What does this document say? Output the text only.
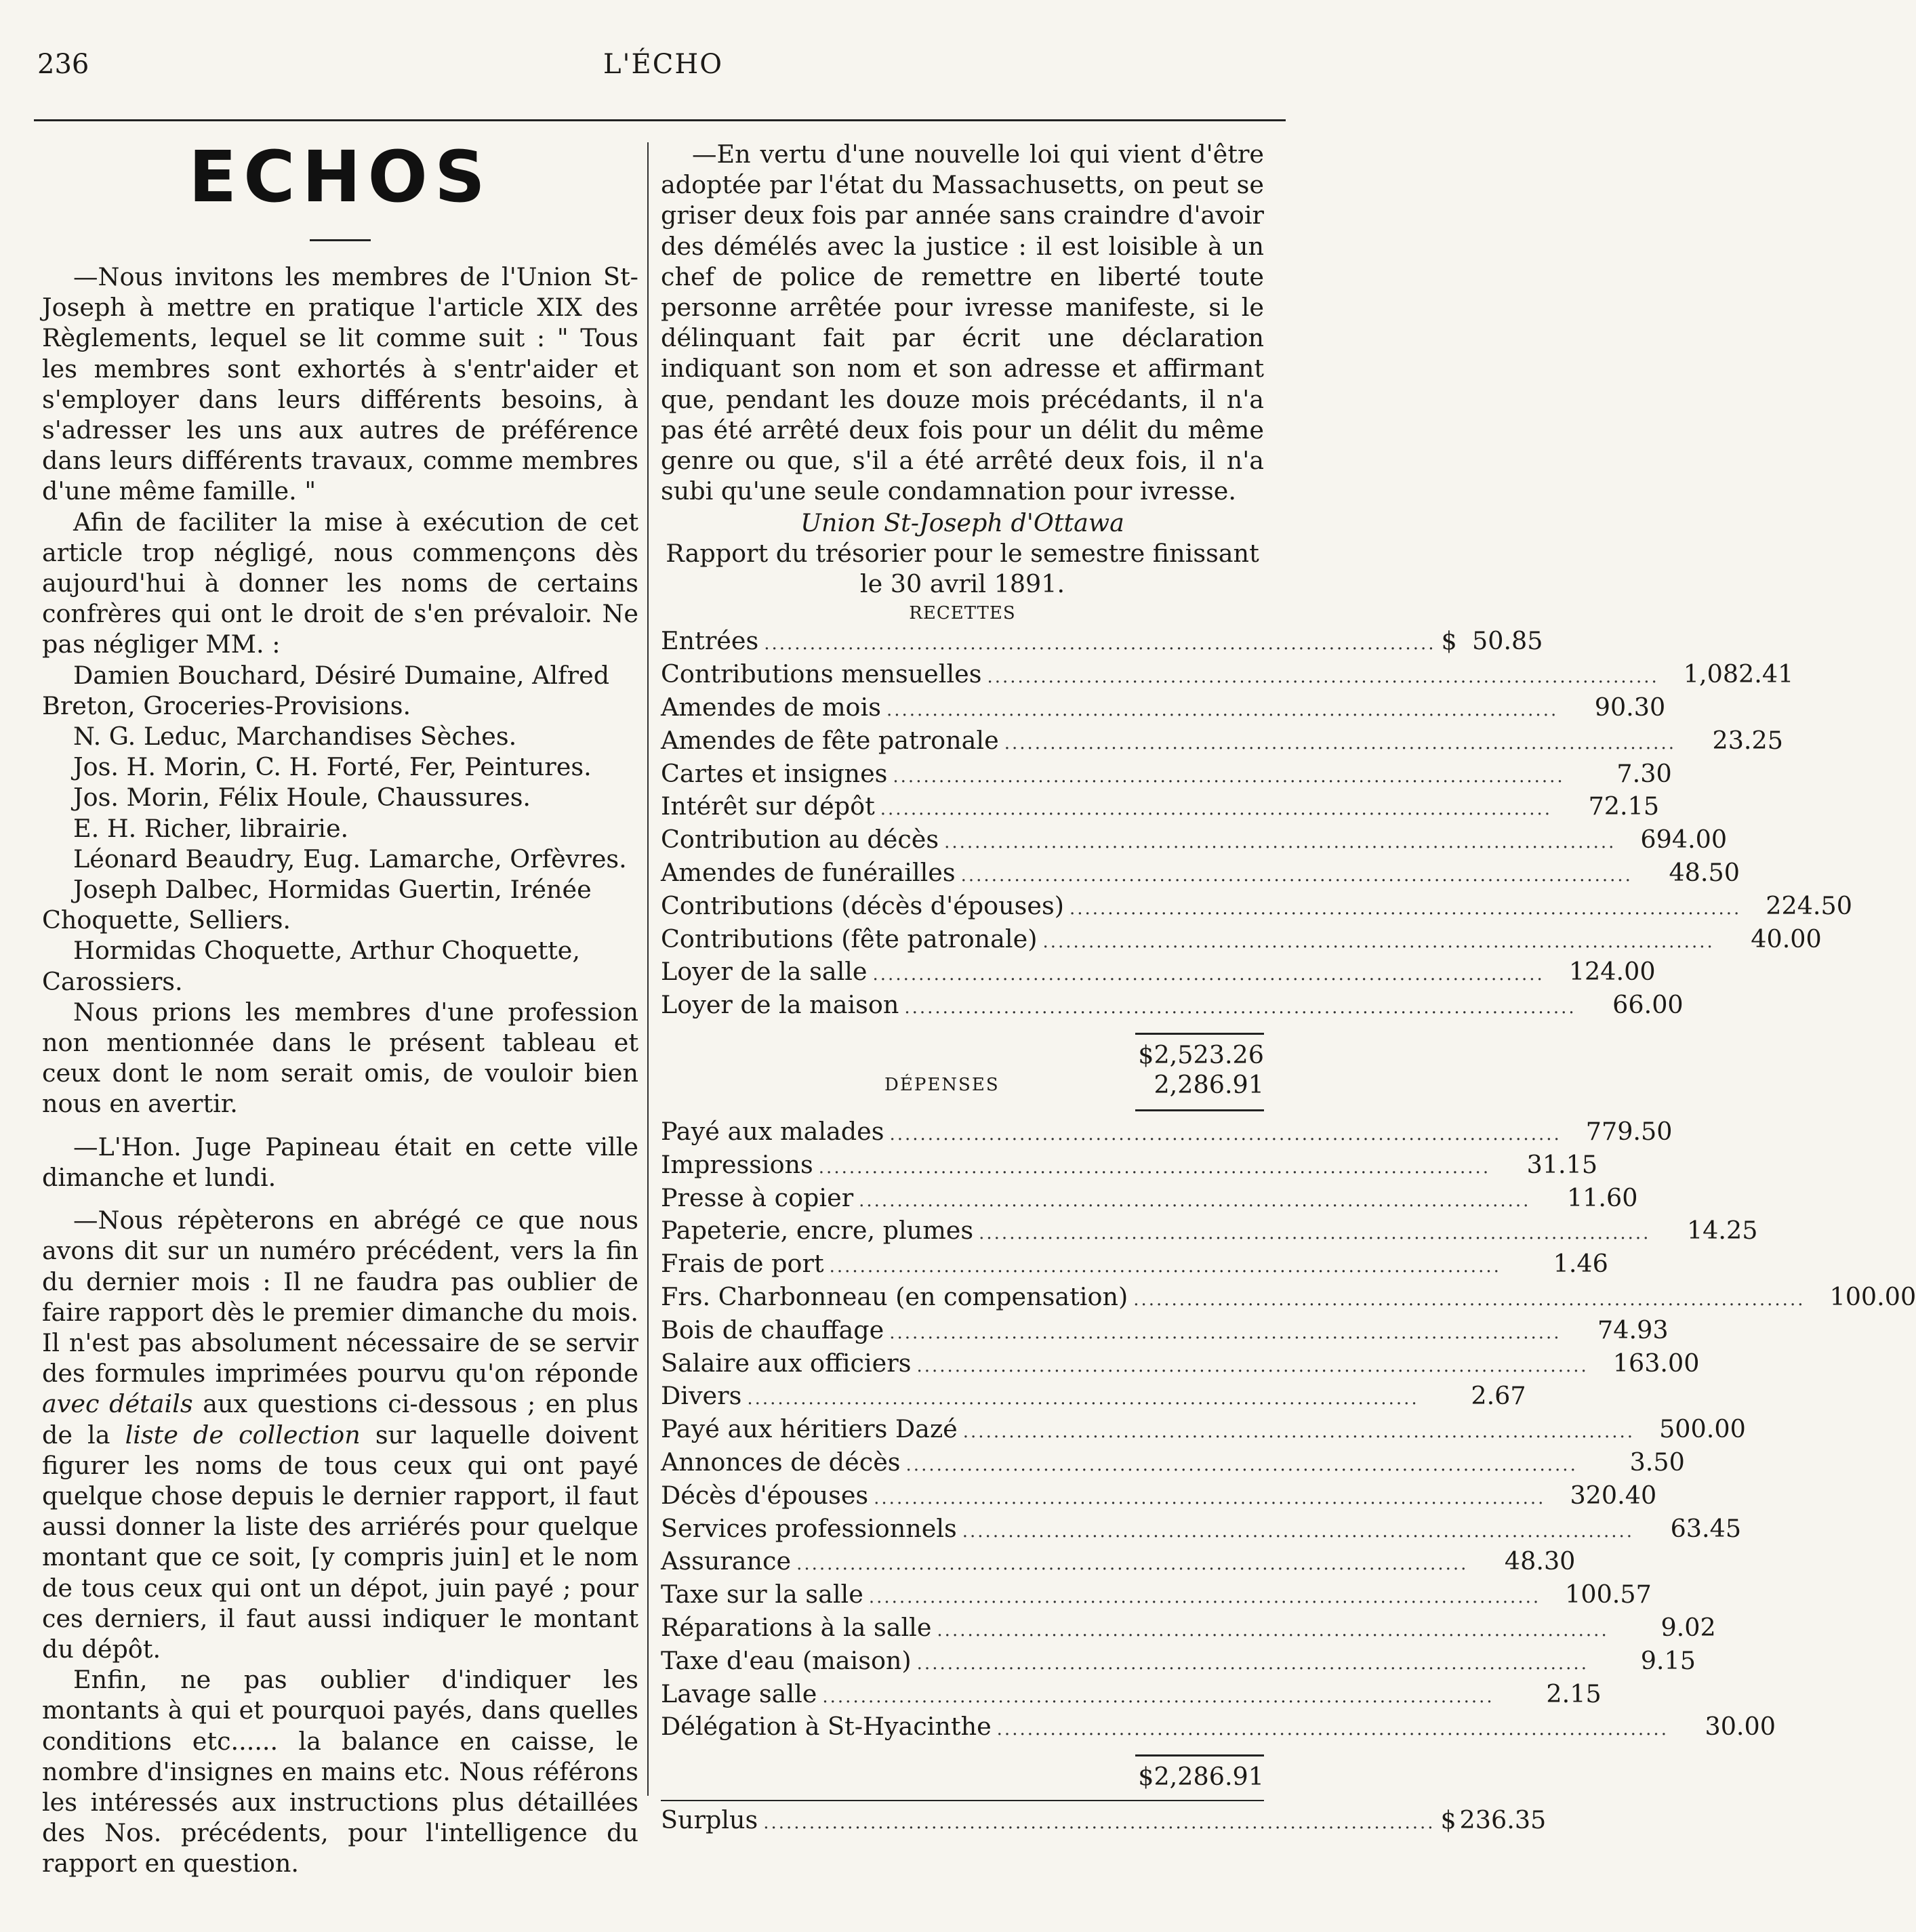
236	L'ÉCHO
ECHOS

—Nous invitons les membres de l'Union St-Joseph à mettre en pratique l'article XIX des Règlements, lequel se lit comme suit : " Tous les membres sont exhortés à s'entr'aider et s'employer dans leurs différents besoins, à s'adresser les uns aux autres de préférence dans leurs différents travaux, comme membres d'une même famille. "

Afin de faciliter la mise à exécution de cet article trop négligé, nous commençons dès aujourd'hui à donner les noms de certains confrères qui ont le droit de s'en prévaloir. Ne pas négliger MM. :

Damien Bouchard, Désiré Dumaine, Alfred Breton, Groceries-Provisions.
N. G. Leduc, Marchandises Sèches.
Jos. H. Morin, C. H. Forté, Fer, Peintures.
Jos. Morin, Félix Houle, Chaussures.
E. H. Richer, librairie.
Léonard Beaudry, Eug. Lamarche, Orfèvres.
Joseph Dalbec, Hormidas Guertin, Irénée Choquette, Selliers.
Hormidas Choquette, Arthur Choquette, Carossiers.

Nous prions les membres d'une profession non mentionnée dans le présent tableau et ceux dont le nom serait omis, de vouloir bien nous en avertir.

—L'Hon. Juge Papineau était en cette ville dimanche et lundi.

—Nous répèterons en abrégé ce que nous avons dit sur un numéro précédent, vers la fin du dernier mois : Il ne faudra pas oublier de faire rapport dès le premier dimanche du mois. Il n'est pas absolument nécessaire de se servir des formules imprimées pourvu qu'on réponde avec détails aux questions ci-dessous ; en plus de la liste de collection sur laquelle doivent figurer les noms de tous ceux qui ont payé quelque chose depuis le dernier rapport, il faut aussi donner la liste des arriérés pour quelque montant que ce soit, [y compris juin] et le nom de tous ceux qui ont un dépot, juin payé ; pour ces derniers, il faut aussi indiquer le montant du dépôt.

Enfin, ne pas oublier d'indiquer les montants à qui et pourquoi payés, dans quelles conditions etc...... la balance en caisse, le nombre d'insignes en mains etc. Nous référons les intéressés aux instructions plus détaillées des Nos. précédents, pour l'intelligence du rapport en question.

—En vertu d'une nouvelle loi qui vient d'être adoptée par l'état du Massachusetts, on peut se griser deux fois par année sans craindre d'avoir des démélés avec la justice : il est loisible à un chef de police de remettre en liberté toute personne arrêtée pour ivresse manifeste, si le délinquant fait par écrit une déclaration indiquant son nom et son adresse et affirmant que, pendant les douze mois précédants, il n'a pas été arrêté deux fois pour un délit du même genre ou que, s'il a été arrêté deux fois, il n'a subi qu'une seule condamnation pour ivresse.

Union St-Joseph d'Ottawa
Rapport du trésorier pour le semestre finissant
le 30 avril 1891.
RECETTES
Entrées ........................................................................................ $ 50.85
Contributions mensuelles ........................................................................................ 1,082.41
Amendes de mois ........................................................................................	90.30
Amendes de fête patronale ........................................................................................	23.25
Cartes et insignes ........................................................................................	7.30
Intérêt sur dépôt ........................................................................................	72.15
Contribution au décès ........................................................................................ 694.00
Amendes de funérailles ........................................................................................	48.50
Contributions (décès d'épouses) ........................................................................................ 224.50
Contributions (fête patronale) ........................................................................................	40.00
Loyer de la salle ........................................................................................ 124.00
Loyer de la maison ........................................................................................	66.00
$2,523.26
DÉPENSES	2,286.91
Payé aux malades ........................................................................................ 779.50
Impressions ........................................................................................	31.15
Presse à copier ........................................................................................	11.60
Papeterie, encre, plumes ........................................................................................	14.25
Frais de port ........................................................................................	1.46
Frs. Charbonneau (en compensation) ........................................................................................ 100.00
Bois de chauffage ........................................................................................	74.93
Salaire aux officiers ........................................................................................ 163.00
Divers ........................................................................................	2.67
Payé aux héritiers Dazé ........................................................................................ 500.00
Annonces de décès ........................................................................................	3.50
Décès d'épouses ........................................................................................ 320.40
Services professionnels ........................................................................................	63.45
Assurance ........................................................................................	48.30
Taxe sur la salle ........................................................................................ 100.57
Réparations à la salle ........................................................................................	9.02
Taxe d'eau (maison) ........................................................................................	9.15
Lavage salle ........................................................................................	2.15
Délégation à St-Hyacinthe ........................................................................................	30.00
$2,286.91
Surplus ........................................................................................ $ 236.35
